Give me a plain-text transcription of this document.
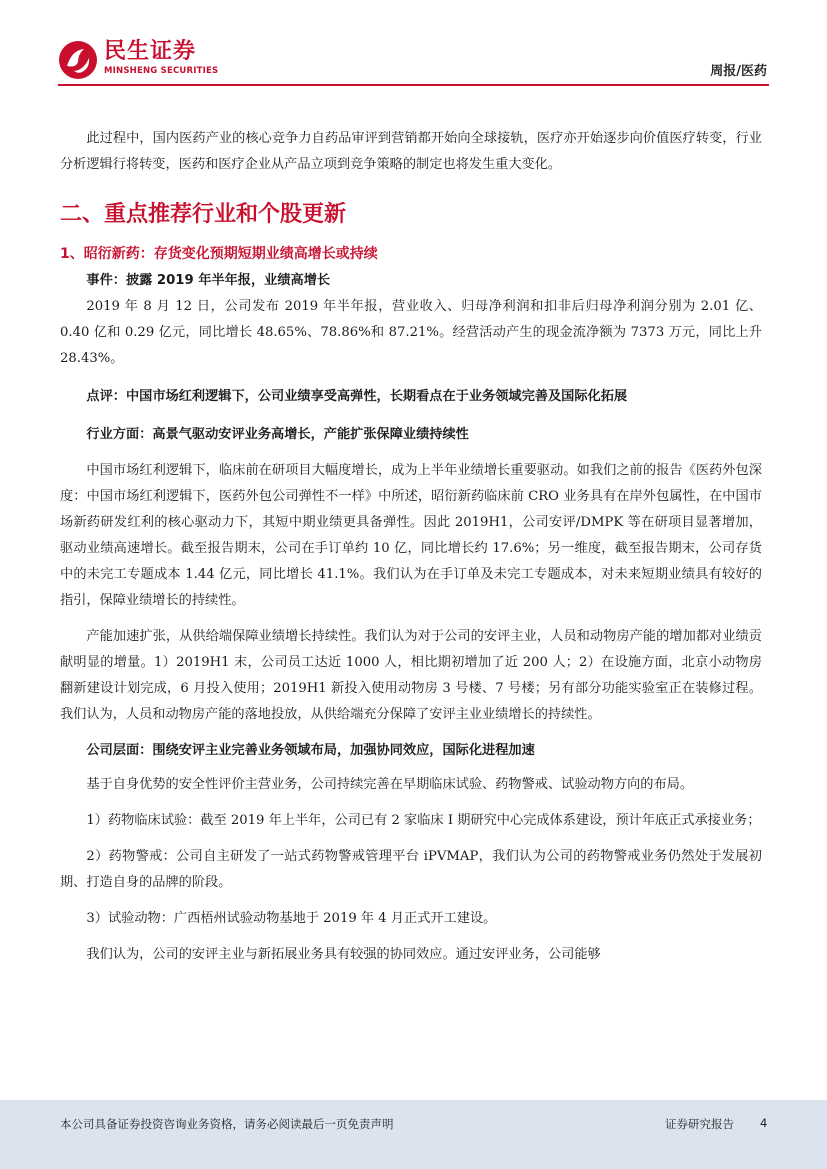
民生证券
MINSHENG SECURITIES	周报/医药

此过程中，国内医药产业的核心竞争力自药品审评到营销都开始向全球接轨，医疗亦开始逐步向价值医疗转变，行业分析逻辑行将转变，医药和医疗企业从产品立项到竞争策略的制定也将发生重大变化。

二、重点推荐行业和个股更新
1、昭衍新药：存货变化预期短期业绩高增长或持续

事件：披露 2019 年半年报，业绩高增长

2019 年 8 月 12 日，公司发布 2019 年半年报，营业收入、归母净利润和扣非后归母净利润分别为 2.01 亿、0.40 亿和 0.29 亿元，同比增长 48.65%、78.86%和 87.21%。经营活动产生的现金流净额为 7373 万元，同比上升 28.43%。

点评：中国市场红利逻辑下，公司业绩享受高弹性，长期看点在于业务领域完善及国际化拓展

行业方面：高景气驱动安评业务高增长，产能扩张保障业绩持续性

中国市场红利逻辑下，临床前在研项目大幅度增长，成为上半年业绩增长重要驱动。如我们之前的报告《医药外包深度：中国市场红利逻辑下，医药外包公司弹性不一样》中所述，昭衍新药临床前 CRO 业务具有在岸外包属性，在中国市场新药研发红利的核心驱动力下，其短中期业绩更具备弹性。因此 2019H1，公司安评/DMPK 等在研项目显著增加，驱动业绩高速增长。截至报告期末，公司在手订单约 10 亿，同比增长约 17.6%；另一维度，截至报告期末，公司存货中的未完工专题成本 1.44 亿元，同比增长 41.1%。我们认为在手订单及未完工专题成本，对未来短期业绩具有较好的指引，保障业绩增长的持续性。

产能加速扩张，从供给端保障业绩增长持续性。我们认为对于公司的安评主业，人员和动物房产能的增加都对业绩贡献明显的增量。1）2019H1 末，公司员工达近 1000 人，相比期初增加了近 200 人；2）在设施方面，北京小动物房翻新建设计划完成，6 月投入使用；2019H1 新投入使用动物房 3 号楼、7 号楼；另有部分功能实验室正在装修过程。我们认为，人员和动物房产能的落地投放，从供给端充分保障了安评主业业绩增长的持续性。

公司层面：围绕安评主业完善业务领域布局，加强协同效应，国际化进程加速

基于自身优势的安全性评价主营业务，公司持续完善在早期临床试验、药物警戒、试验动物方向的布局。

1）药物临床试验：截至 2019 年上半年，公司已有 2 家临床 I 期研究中心完成体系建设，预计年底正式承接业务；

2）药物警戒：公司自主研发了一站式药物警戒管理平台 iPVMAP，我们认为公司的药物警戒业务仍然处于发展初期、打造自身的品牌的阶段。

3）试验动物：广西梧州试验动物基地于 2019 年 4 月正式开工建设。

我们认为，公司的安评主业与新拓展业务具有较强的协同效应。通过安评业务，公司能够

本公司具备证券投资咨询业务资格，请务必阅读最后一页免责声明	证券研究报告 4
